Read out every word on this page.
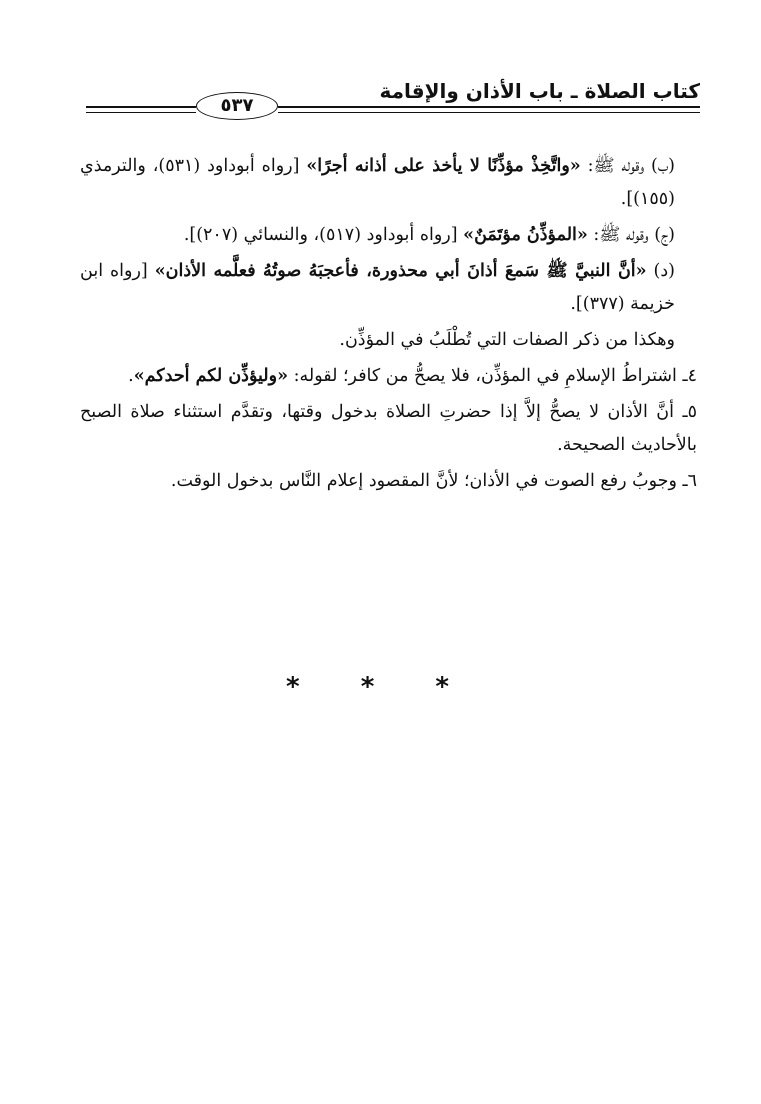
كتاب الصلاة ـ باب الأذان والإقامة
٥٣٧

(ب) وقوله ﷺ: «واتَّخِذْ مؤذِّنًا لا يأخذ على أذانه أجرًا» [رواه أبوداود (٥٣١)، والترمذي (١٥٥)].

(ج) وقوله ﷺ: «المؤذِّنُ مؤتَمَنٌ» [رواه أبوداود (٥١٧)، والنسائي (٢٠٧)].

(د) «أنَّ النبيَّ ﷺ سَمعَ أذانَ أبي محذورة، فأعجبَهُ صوتُهُ فعلَّمه الأذان» [رواه ابن خزيمة (٣٧٧)].

وهكذا من ذكر الصفات التي تُطْلَبُ في المؤذِّن.

٤ـ اشتراطُ الإسلامِ في المؤذِّن، فلا يصحُّ من كافر؛ لقوله: «وليؤذِّن لكم أحدكم».

٥ـ أنَّ الأذان لا يصحُّ إلاَّ إذا حضرتِ الصلاة بدخول وقتها، وتقدَّم استثناء صلاة الصبح بالأحاديث الصحيحة.

٦ـ وجوبُ رفع الصوت في الأذان؛ لأنَّ المقصود إعلام النَّاس بدخول الوقت.

* * *
